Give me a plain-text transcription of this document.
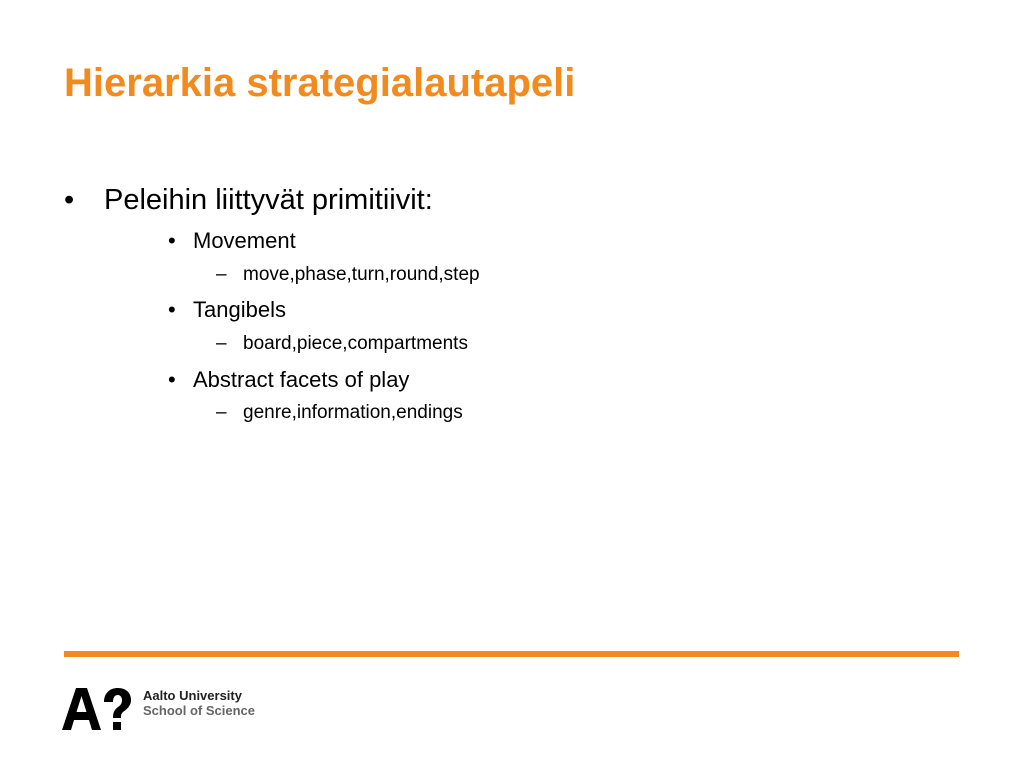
Hierarkia strategialautapeli
• Peleihin liittyvät primitiivit:
• Movement
– move,phase,turn,round,step
• Tangibels
– board,piece,compartments
• Abstract facets of play
– genre,information,endings
Aalto University
School of Science
